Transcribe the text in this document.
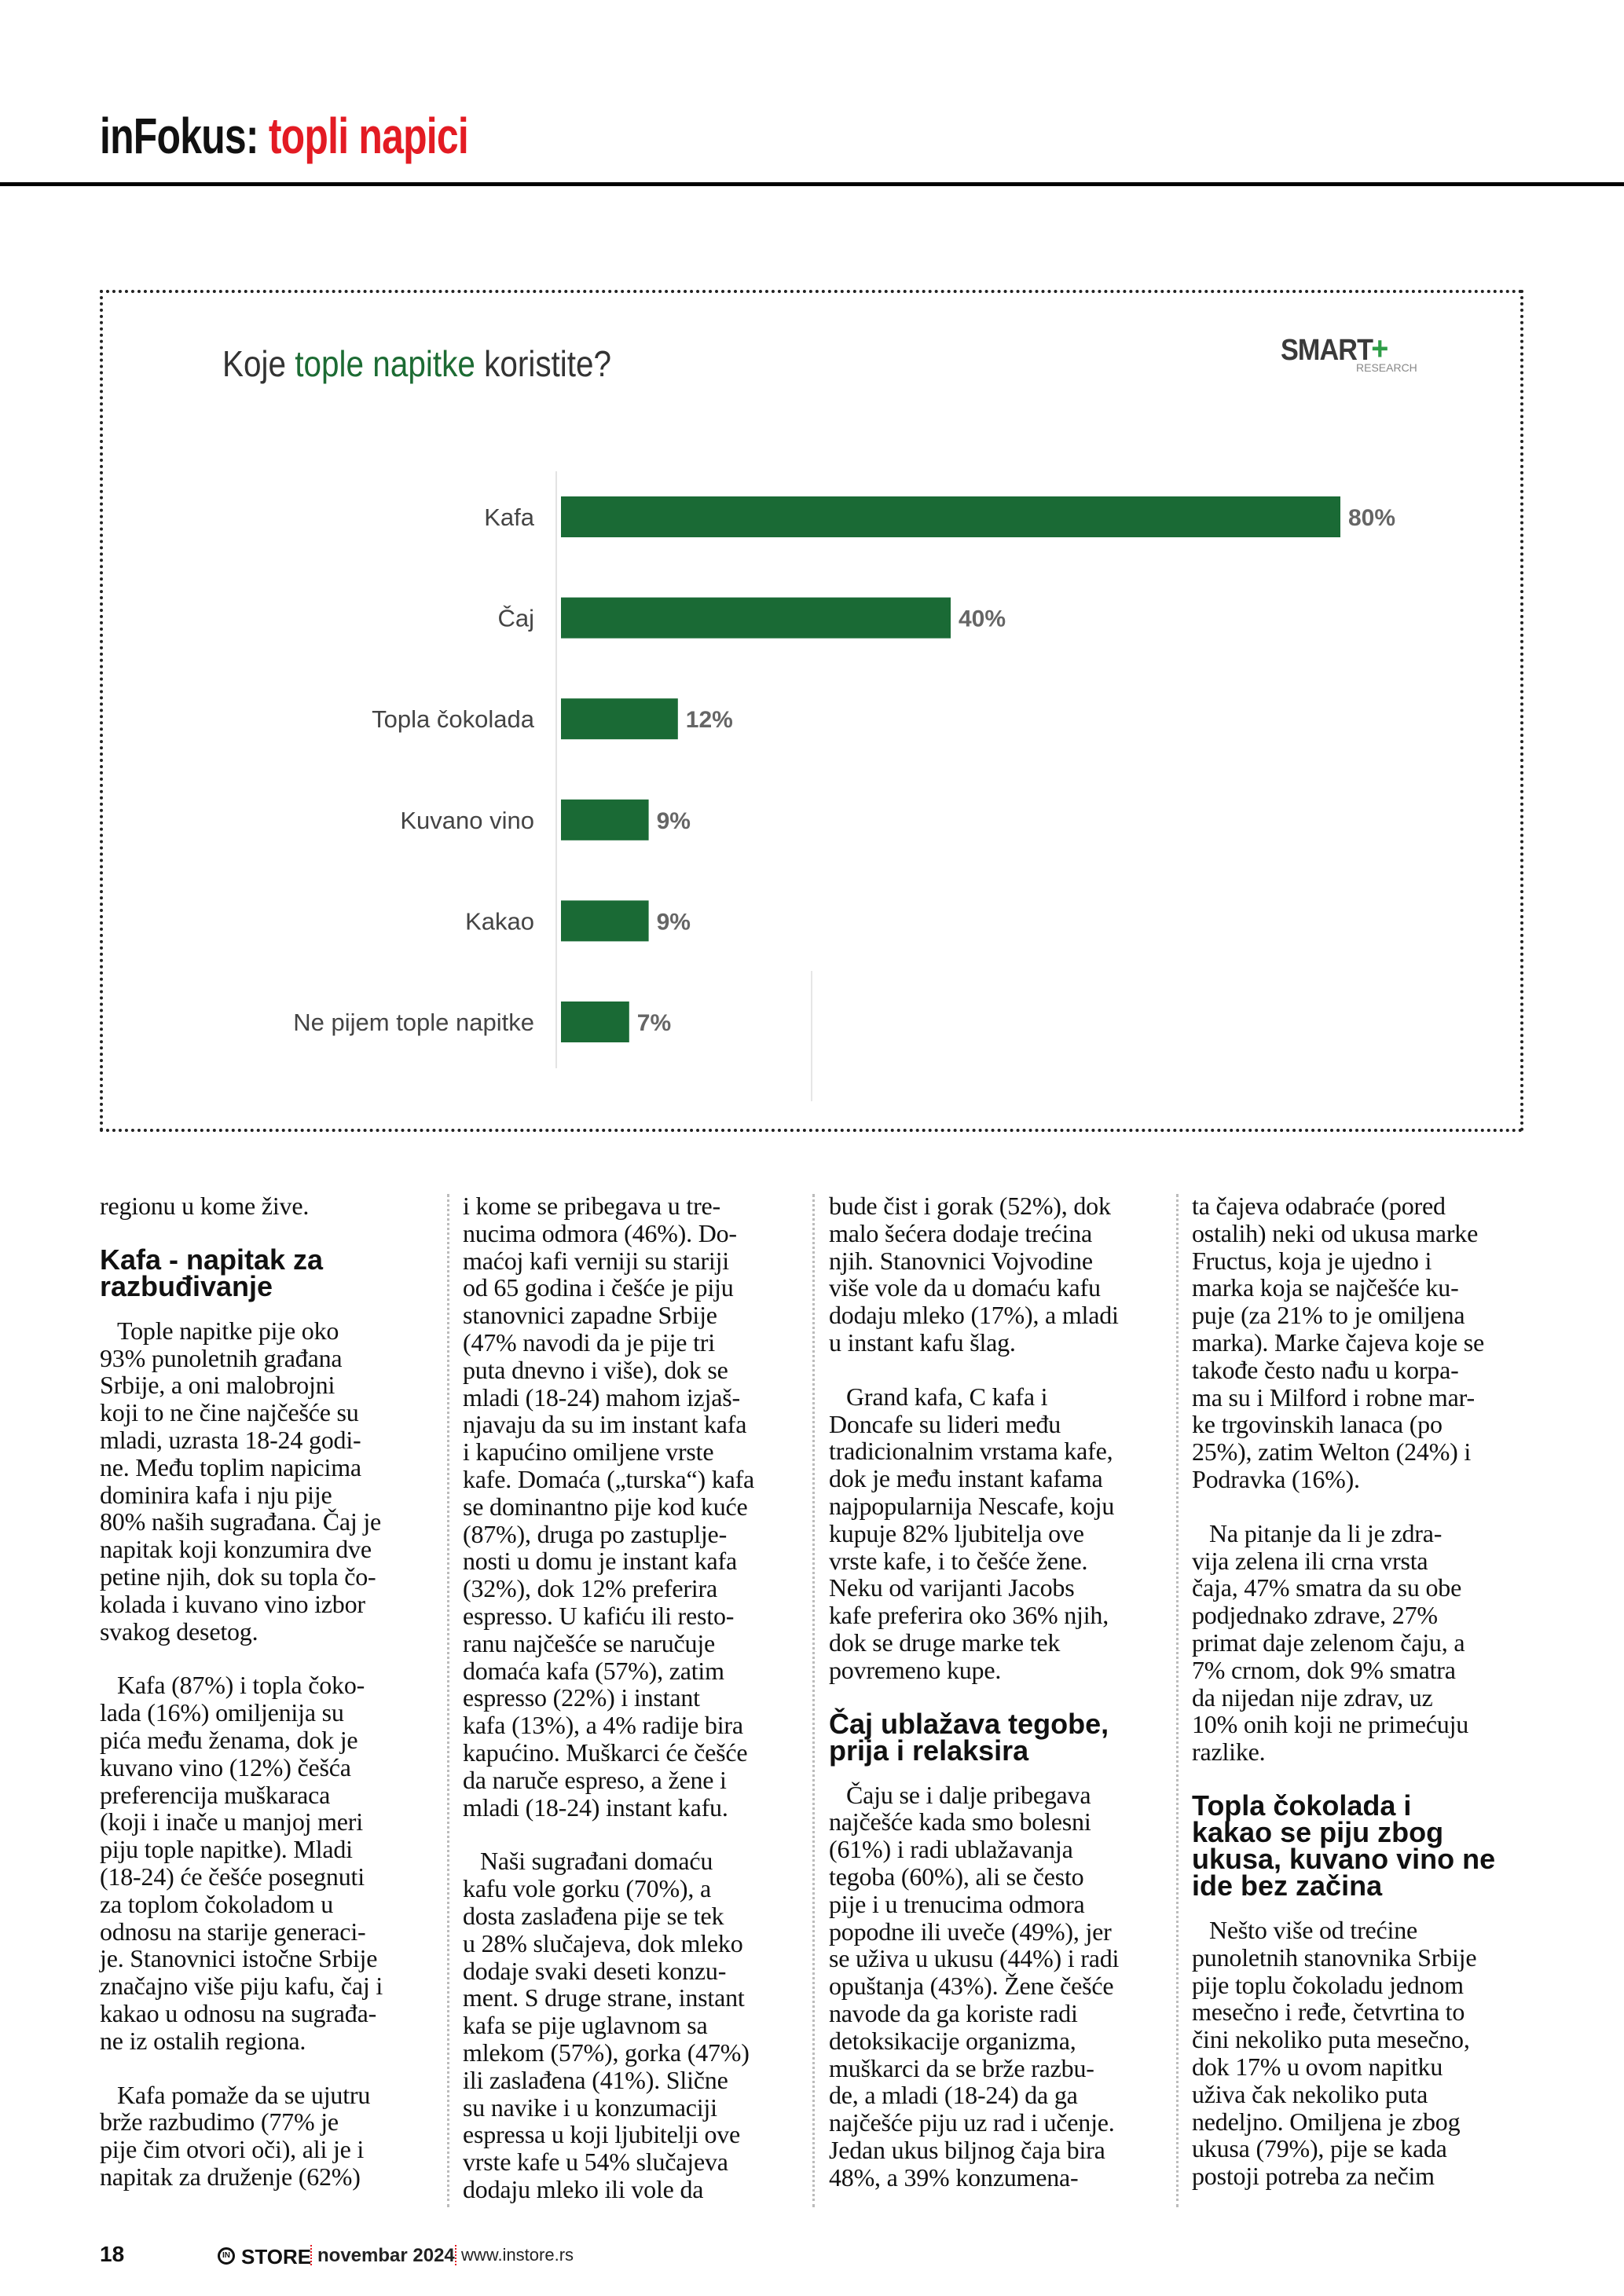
inFokus: topli napici
Koje tople napitke koristite?	SMART+
RESEARCH
Kafa	80%
Čaj	40%
Topla čokolada	12%
Kuvano vino	9%
Kakao	9%
Ne pijem tople napitke	7%
regionu u kome žive.
Kafa - napitak za
razbuđivanje
Tople napitke pije oko
93% punoletnih građana
Srbije, a oni malobrojni
koji to ne čine najčešće su
mladi, uzrasta 18-24 godi-
ne. Među toplim napicima
dominira kafa i nju pije
80% naših sugrađana. Čaj je
napitak koji konzumira dve
petine njih, dok su topla čo-
kolada i kuvano vino izbor
svakog desetog.
Kafa (87%) i topla čoko-
lada (16%) omiljenija su
pića među ženama, dok je
kuvano vino (12%) češća
preferencija muškaraca
(koji i inače u manjoj meri
piju tople napitke). Mladi
(18-24) će češće posegnuti
za toplom čokoladom u
odnosu na starije generaci-
je. Stanovnici istočne Srbije
značajno više piju kafu, čaj i
kakao u odnosu na sugrađa-
ne iz ostalih regiona.
Kafa pomaže da se ujutru
brže razbudimo (77% je
pije čim otvori oči), ali je i
napitak za druženje (62%)
i kome se pribegava u tre-
nucima odmora (46%). Do-
maćoj kafi verniji su stariji
od 65 godina i češće je piju
stanovnici zapadne Srbije
(47% navodi da je pije tri
puta dnevno i više), dok se
mladi (18-24) mahom izjaš-
njavaju da su im instant kafa
i kapućino omiljene vrste
kafe. Domaća („turska“) kafa
se dominantno pije kod kuće
(87%), druga po zastuplje-
nosti u domu je instant kafa
(32%), dok 12% preferira
espresso. U kafiću ili resto-
ranu najčešće se naručuje
domaća kafa (57%), zatim
espresso (22%) i instant
kafa (13%), a 4% radije bira
kapućino. Muškarci će češće
da naruče espreso, a žene i
mladi (18-24) instant kafu.
Naši sugrađani domaću
kafu vole gorku (70%), a
dosta zaslađena pije se tek
u 28% slučajeva, dok mleko
dodaje svaki deseti konzu-
ment. S druge strane, instant
kafa se pije uglavnom sa
mlekom (57%), gorka (47%)
ili zaslađena (41%). Slične
su navike i u konzumaciji
espressa u koji ljubitelji ove
vrste kafe u 54% slučajeva
dodaju mleko ili vole da
bude čist i gorak (52%), dok
malo šećera dodaje trećina
njih. Stanovnici Vojvodine
više vole da u domaću kafu
dodaju mleko (17%), a mladi
u instant kafu šlag.
Grand kafa, C kafa i
Doncafe su lideri među
tradicionalnim vrstama kafe,
dok je među instant kafama
najpopularnija Nescafe, koju
kupuje 82% ljubitelja ove
vrste kafe, i to češće žene.
Neku od varijanti Jacobs
kafe preferira oko 36% njih,
dok se druge marke tek
povremeno kupe.
Čaj ublažava tegobe,
prija i relaksira
Čaju se i dalje pribegava
najčešće kada smo bolesni
(61%) i radi ublažavanja
tegoba (60%), ali se često
pije i u trenucima odmora
popodne ili uveče (49%), jer
se uživa u ukusu (44%) i radi
opuštanja (43%). Žene češće
navode da ga koriste radi
detoksikacije organizma,
muškarci da se brže razbu-
de, a mladi (18-24) da ga
najčešće piju uz rad i učenje.
Jedan ukus biljnog čaja bira
48%, a 39% konzumena-
ta čajeva odabraće (pored
ostalih) neki od ukusa marke
Fructus, koja je ujedno i
marka koja se najčešće ku-
puje (za 21% to je omiljena
marka). Marke čajeva koje se
takođe često nađu u korpa-
ma su i Milford i robne mar-
ke trgovinskih lanaca (po
25%), zatim Welton (24%) i
Podravka (16%).
Na pitanje da li je zdra-
vija zelena ili crna vrsta
čaja, 47% smatra da su obe
podjednako zdrave, 27%
primat daje zelenom čaju, a
7% crnom, dok 9% smatra
da nijedan nije zdrav, uz
10% onih koji ne primećuju
razlike.
Topla čokolada i
kakao se piju zbog
ukusa, kuvano vino ne
ide bez začina
Nešto više od trećine
punoletnih stanovnika Srbije
pije toplu čokoladu jednom
mesečno i ređe, četvrtina to
čini nekoliko puta mesečno,
dok 17% u ovom napitku
uživa čak nekoliko puta
nedeljno. Omiljena je zbog
ukusa (79%), pije se kada
postoji potreba za nečim
18	IN STORE novembar 2024 www.instore.rs
